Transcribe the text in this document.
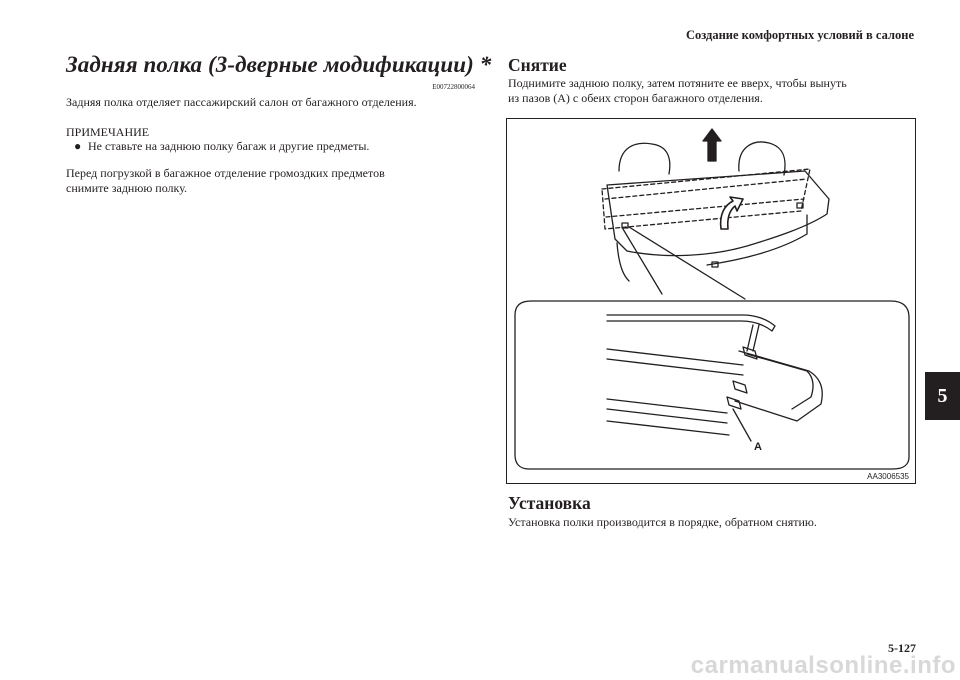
Создание комфортных условий в салоне
Задняя полка (3-дверные модификации) *
E00722800064
Задняя полка отделяет пассажирский салон от багажного отделения.
ПРИМЕЧАНИЕ
● Не ставьте на заднюю полку багаж и другие предметы.
Перед погрузкой в багажное отделение громоздких предметов
снимите заднюю полку.
Снятие
Поднимите заднюю полку, затем потяните ее вверх, чтобы вынуть
из пазов (A) с обеих сторон багажного отделения.
A
AA3006535
Установка
Установка полки производится в порядке, обратном снятию.
5
5-127
carmanualsonline.info
